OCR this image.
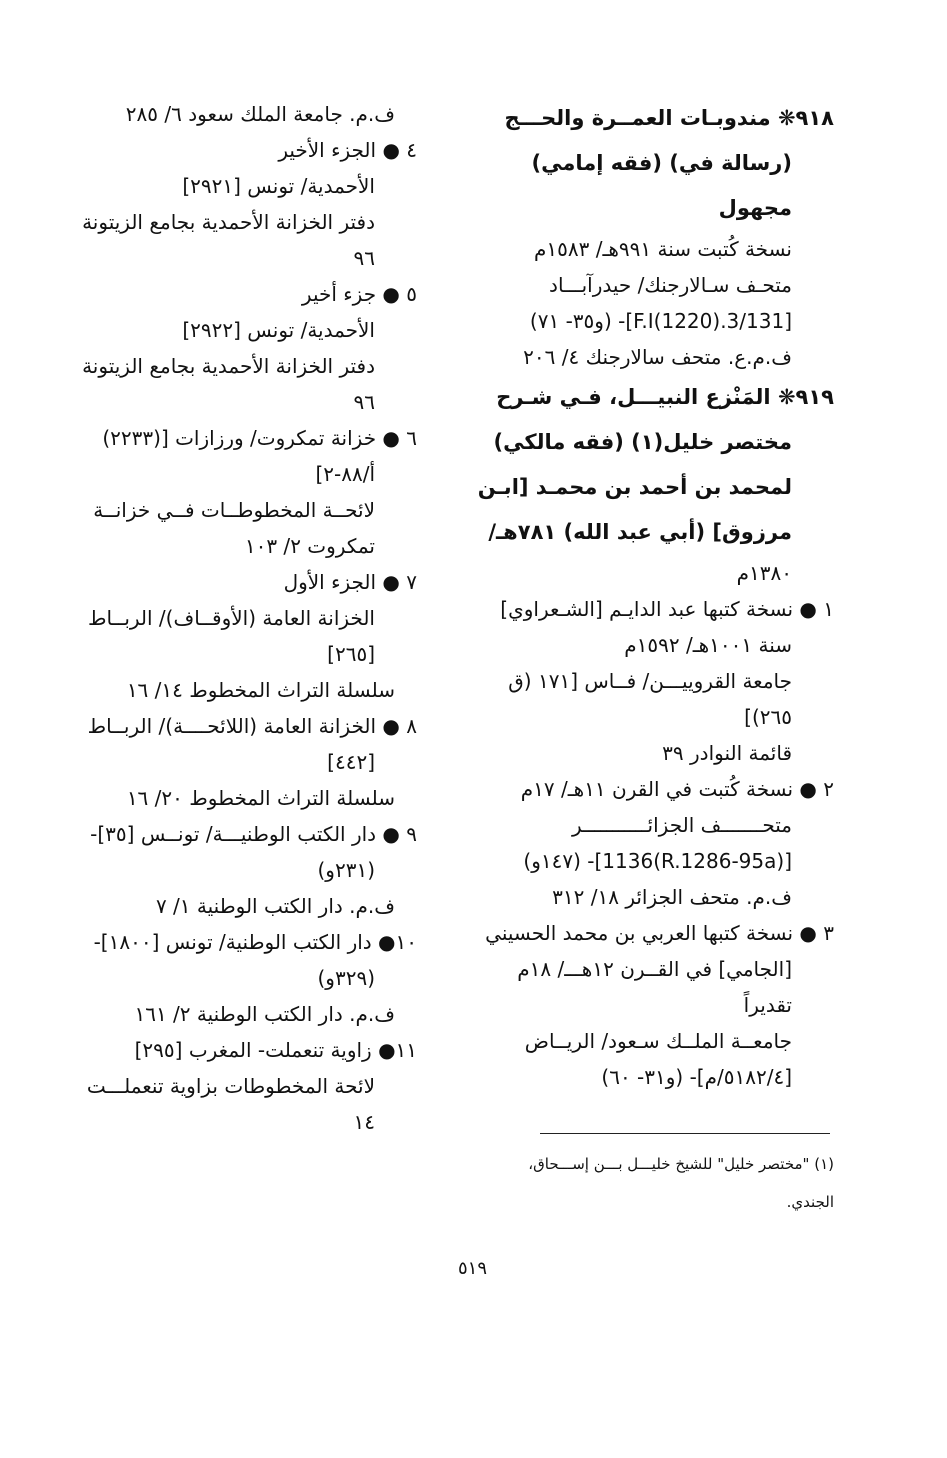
٩١٨❋ مندوبـات العمــرة والحـــج
(رسالة في) (فقه إمامي)
مجهول
نسخة كُتبت سنة ٩٩١هـ/ ١٥٨٣م
متحـف سـالارجنك/ حيدرآبـــاد
[3/131.F.I(1220)]- (و٣٥- ٧١)
ف.م.ع. متحف سالارجنك ٤/ ٢٠٦
٩١٩❋ المَنْزع النبيـــل، فـي شـرح
مختصر خليل(١) (فقه مالكي)
لمحمد بن أحمد بن محمـد [ابـن
مرزوق] (أبي عبد الله) ٧٨١هـ/
١٣٨٠م
١ ● نسخة كتبها عبد الدايـم [الشـعراوي]
سنة ١٠٠١هـ/ ١٥٩٢م
جامعة القروييـــن/ فــاس [١٧١ (ق
٢٦٥)]
قائمة النوادر ٣٩
٢ ● نسخة كُتبت في القرن ١١هـ/ ١٧م
متحـــــــف الجزائـــــــــــر
[(R.1286-95a)1136]- (١٤٧و)
ف.م. متحف الجزائر ١٨/ ٣١٢
٣ ● نسخة كتبها العربي بن محمد الحسيني
[الجامي] في القــرن ١٢هـــ/ ١٨م
تقديراً
جامعــة الملــك سـعود/ الريــاض
[٥١٨٢/٤/م]- (و٣١- ٦٠)
ف.م. جامعة الملك سعود ٦/ ٢٨٥
٤ ● الجزء الأخير
الأحمدية/ تونس [٢٩٢١]
دفتر الخزانة الأحمدية بجامع الزيتونة
٩٦
٥ ● جزء أخير
الأحمدية/ تونس [٢٩٢٢]
دفتر الخزانة الأحمدية بجامع الزيتونة
٩٦
٦ ● خزانة تمكروت/ ورزازات [(٢٢٣٣)
أ/٨٨-٢]
لائحــة المخطوطــات فــي خزانــة
تمكروت ٢/ ١٠٣
٧ ● الجزء الأول
الخزانة العامة (الأوقــاف)/ الربــاط
[٢٦٥]
سلسلة التراث المخطوط ١٤/ ١٦
٨ ● الخزانة العامة (اللائحــــة)/ الربــاط
[٤٤٢]
سلسلة التراث المخطوط ٢٠/ ١٦
٩ ● دار الكتب الوطنيـــة/ تونــس [٣٥]-
(٢٣١و)
ف.م. دار الكتب الوطنية ١/ ٧
١٠● دار الكتب الوطنية/ تونس [١٨٠٠]-
(٣٢٩و)
ف.م. دار الكتب الوطنية ٢/ ١٦١
١١● زاوية تنعملت- المغرب [٢٩٥]
لائحة المخطوطات بزاوية تنعملـــت
١٤
(١) "مختصر خليل" للشيخ خليـــل بـــن إســـحاق، الجندي.
٥١٩
